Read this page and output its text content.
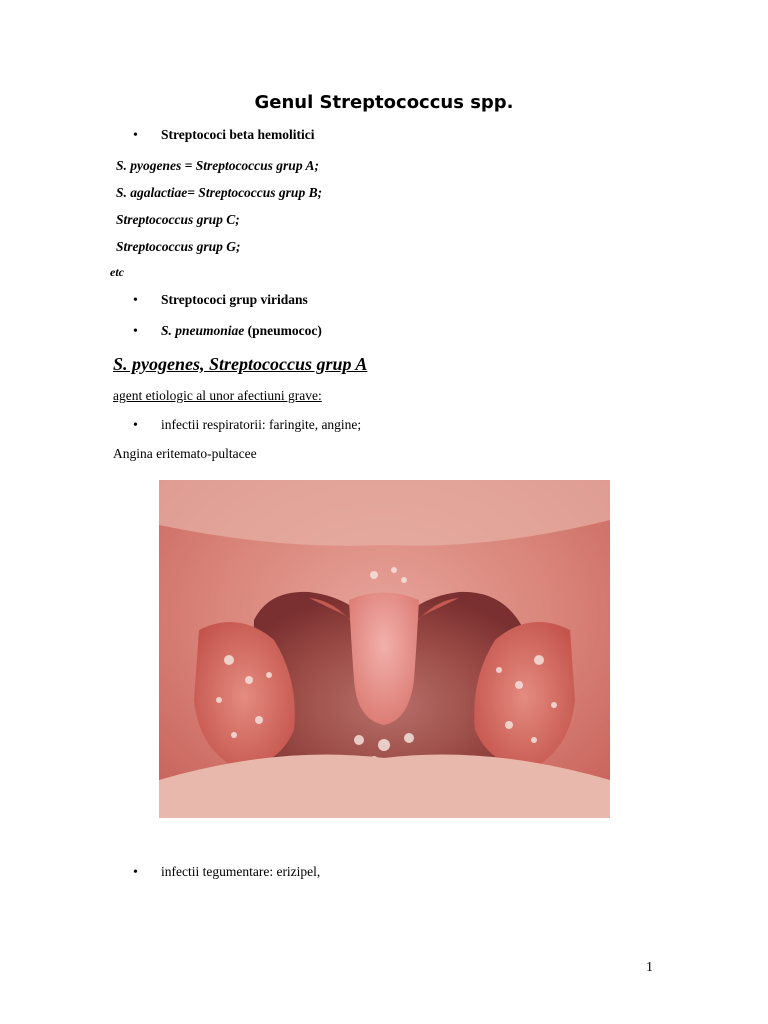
Genul Streptococcus spp.
• Streptococi beta hemolitici
S. pyogenes = Streptococcus grup A;
S. agalactiae= Streptococcus grup B;
Streptococcus grup C;
Streptococcus grup G;
etc
• Streptococi grup viridans
• S. pneumoniae (pneumococ)
S. pyogenes, Streptococcus grup A
agent etiologic al unor afectiuni grave:
• infectii respiratorii: faringite, angine;
Angina eritemato-pultacee
• infectii tegumentare: erizipel,
1
